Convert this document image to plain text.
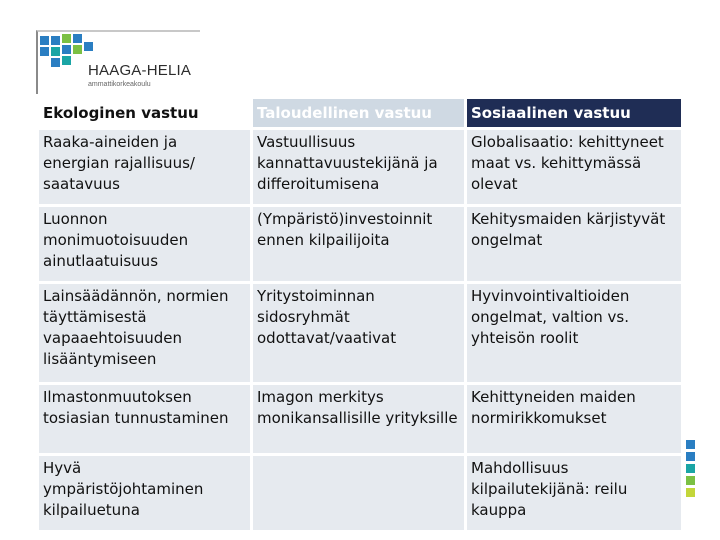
HAAGA-HELIA
ammattikorkeakoulu
Ekologinen vastuu	Taloudellinen vastuu	Sosiaalinen vastuu
Raaka-aineiden ja energian rajallisuus/ saatavuus	Vastuullisuus kannattavuustekijänä ja differoitumisena	Globalisaatio: kehittyneet maat vs. kehittymässä olevat
Luonnon monimuotoisuuden ainutlaatuisuus	(Ympäristö)investoinnit ennen kilpailijoita	Kehitysmaiden kärjistyvät ongelmat
Lainsäädännön, normien täyttämisestä vapaaehtoisuuden lisääntymiseen	Yritystoiminnan sidosryhmät odottavat/vaativat	Hyvinvointivaltioiden ongelmat, valtion vs. yhteisön roolit
Ilmastonmuutoksen tosiasian tunnustaminen	Imagon merkitys monikansallisille yrityksille	Kehittyneiden maiden normirikkomukset
Hyvä ympäristöjohtaminen kilpailuetuna		Mahdollisuus kilpailutekijänä: reilu kauppa
